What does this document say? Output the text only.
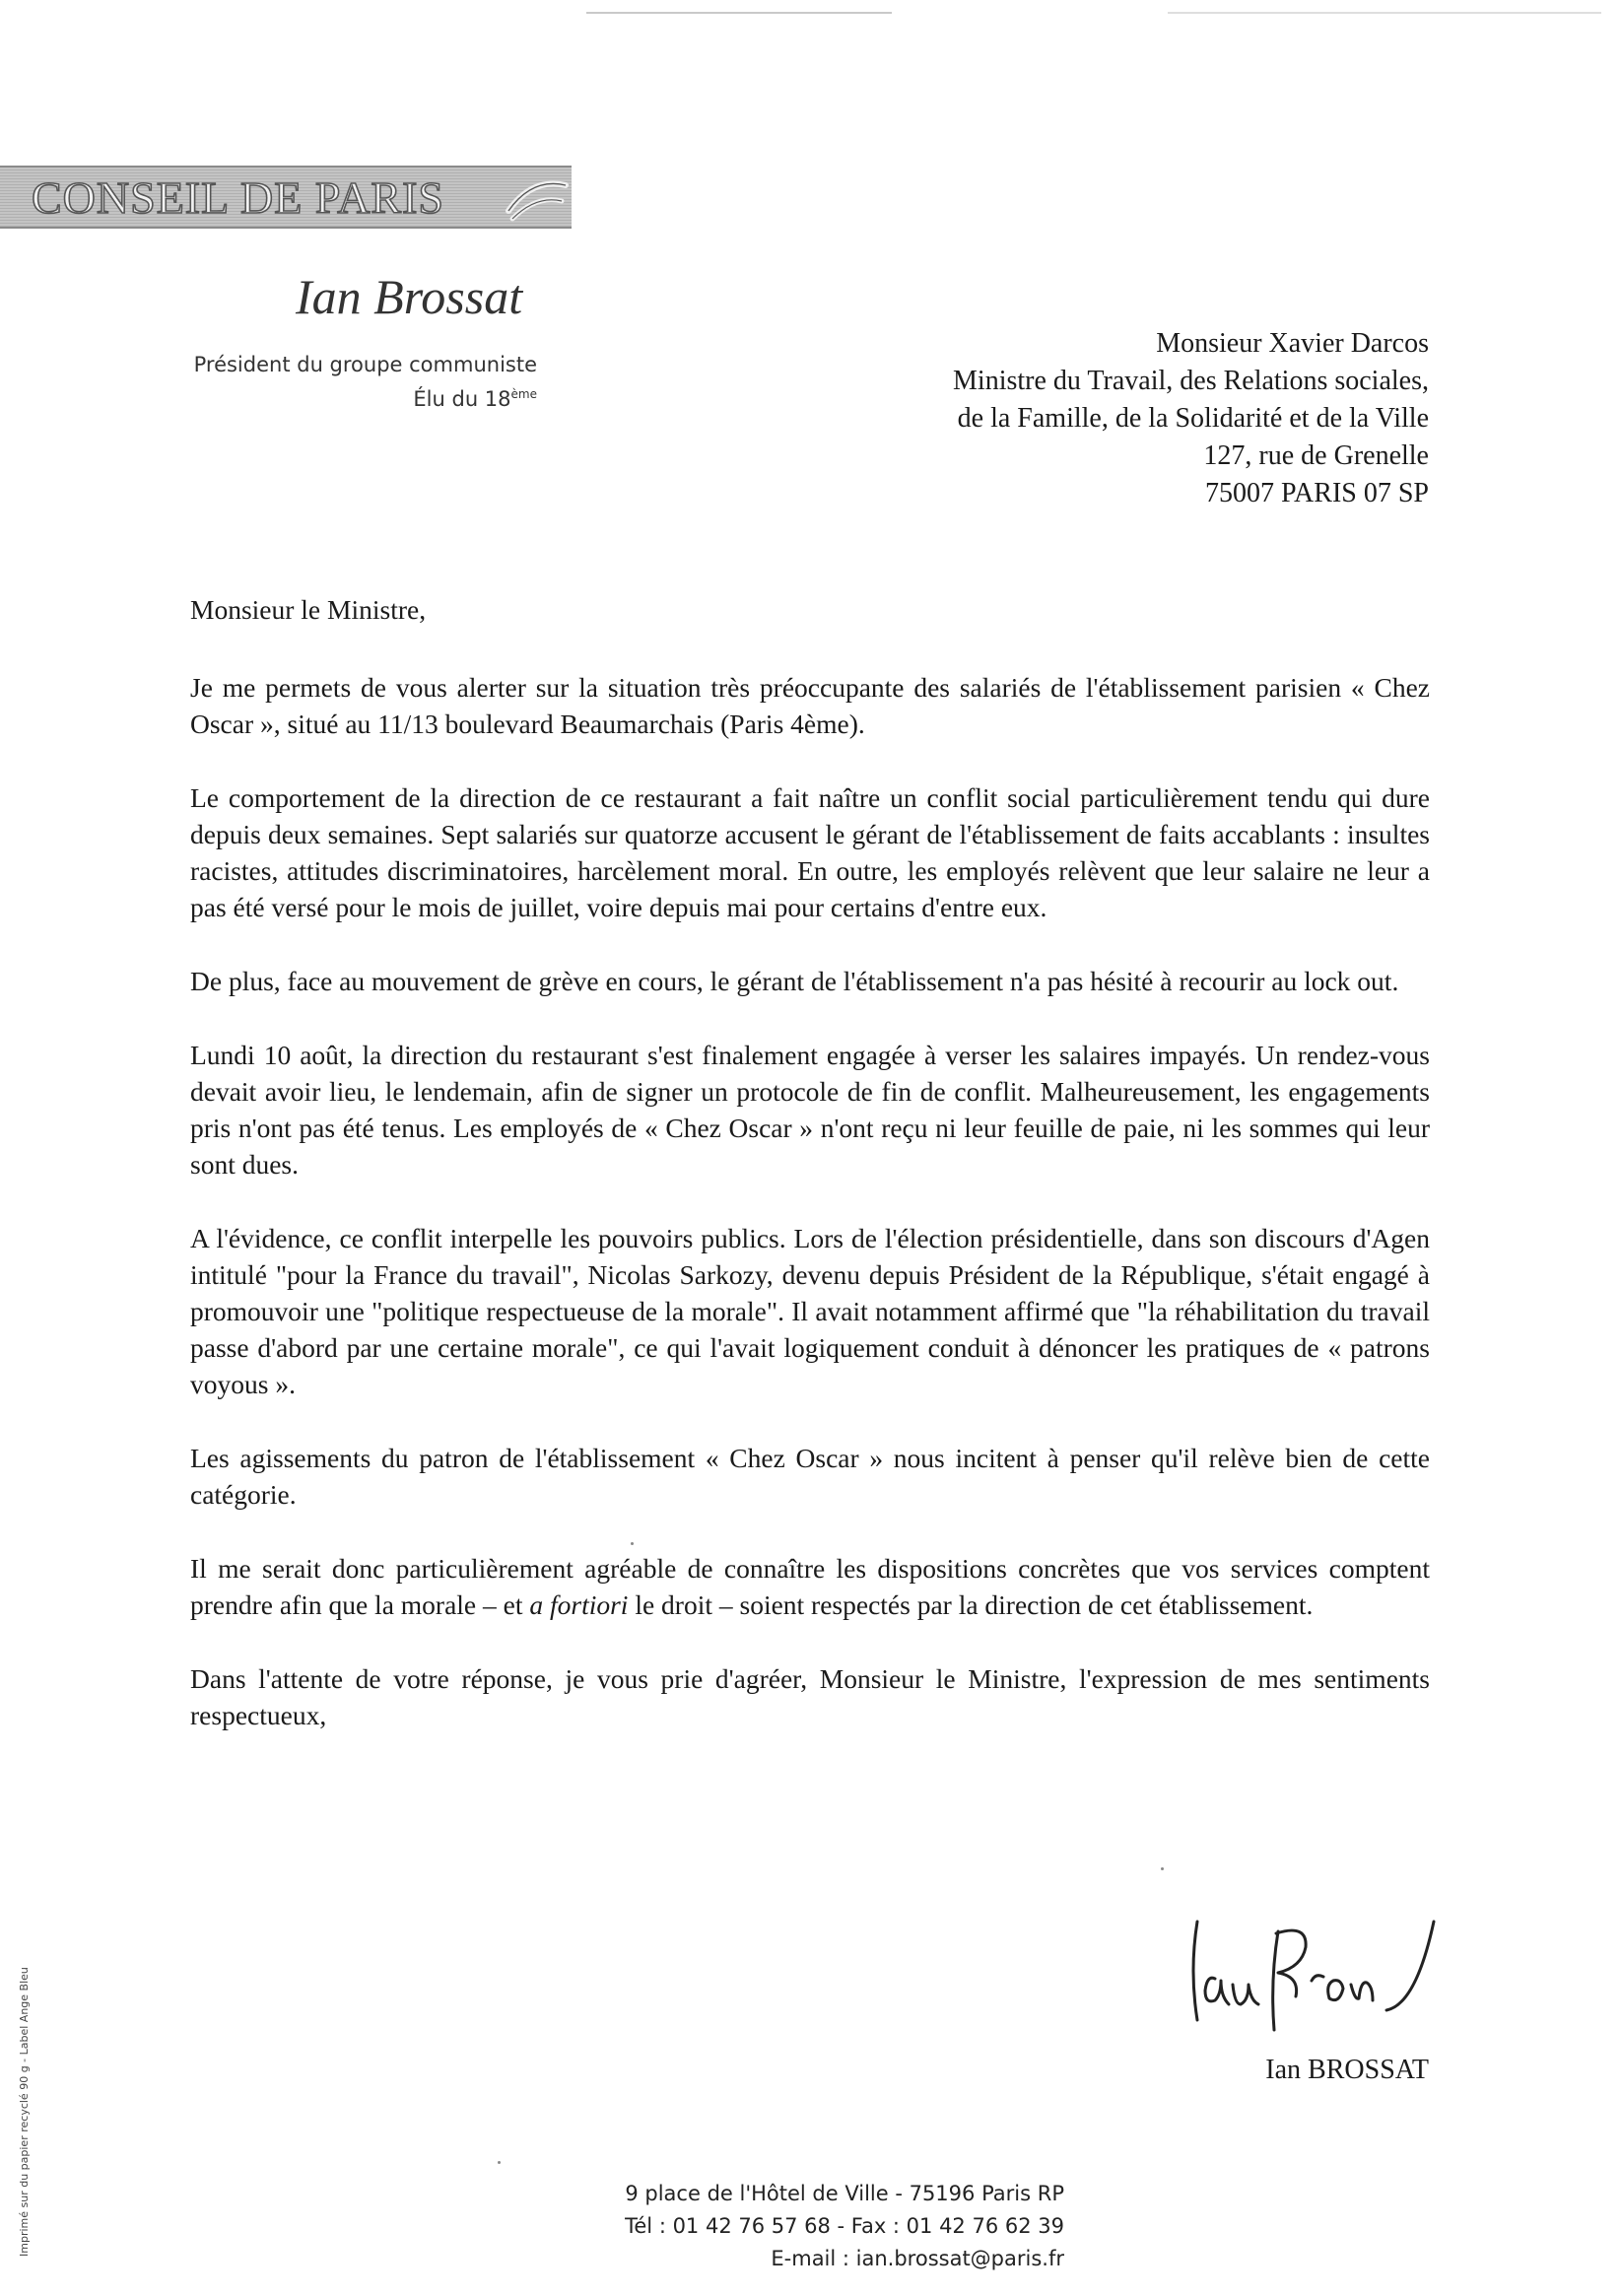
CONSEIL DE PARIS
Ian Brossat
Président du groupe communiste
Élu du 18ème
Monsieur Xavier Darcos
Ministre du Travail, des Relations sociales,
de la Famille, de la Solidarité et de la Ville
127, rue de Grenelle
75007 PARIS 07 SP

Monsieur le Ministre,

Je me permets de vous alerter sur la situation très préoccupante des salariés de l'établissement parisien « Chez Oscar », situé au 11/13 boulevard Beaumarchais (Paris 4ème).

Le comportement de la direction de ce restaurant a fait naître un conflit social particulièrement tendu qui dure depuis deux semaines. Sept salariés sur quatorze accusent le gérant de l'établissement de faits accablants : insultes racistes, attitudes discriminatoires, harcèlement moral. En outre, les employés relèvent que leur salaire ne leur a pas été versé pour le mois de juillet, voire depuis mai pour certains d'entre eux.

De plus, face au mouvement de grève en cours, le gérant de l'établissement n'a pas hésité à recourir au lock out.

Lundi 10 août, la direction du restaurant s'est finalement engagée à verser les salaires impayés. Un rendez-vous devait avoir lieu, le lendemain, afin de signer un protocole de fin de conflit. Malheureusement, les engagements pris n'ont pas été tenus. Les employés de « Chez Oscar » n'ont reçu ni leur feuille de paie, ni les sommes qui leur sont dues.

A l'évidence, ce conflit interpelle les pouvoirs publics. Lors de l'élection présidentielle, dans son discours d'Agen intitulé "pour la France du travail", Nicolas Sarkozy, devenu depuis Président de la République, s'était engagé à promouvoir une "politique respectueuse de la morale". Il avait notamment affirmé que "la réhabilitation du travail passe d'abord par une certaine morale", ce qui l'avait logiquement conduit à dénoncer les pratiques de « patrons voyous ».

Les agissements du patron de l'établissement « Chez Oscar » nous incitent à penser qu'il relève bien de cette catégorie.

Il me serait donc particulièrement agréable de connaître les dispositions concrètes que vos services comptent prendre afin que la morale – et a fortiori le droit – soient respectés par la direction de cet établissement.

Dans l'attente de votre réponse, je vous prie d'agréer, Monsieur le Ministre, l'expression de mes sentiments respectueux,

Ian BROSSAT
9 place de l'Hôtel de Ville - 75196 Paris RP
Tél : 01 42 76 57 68 - Fax : 01 42 76 62 39
E-mail : ian.brossat@paris.fr
Imprimé sur du papier recyclé 90 g - Label Ange Bleu
